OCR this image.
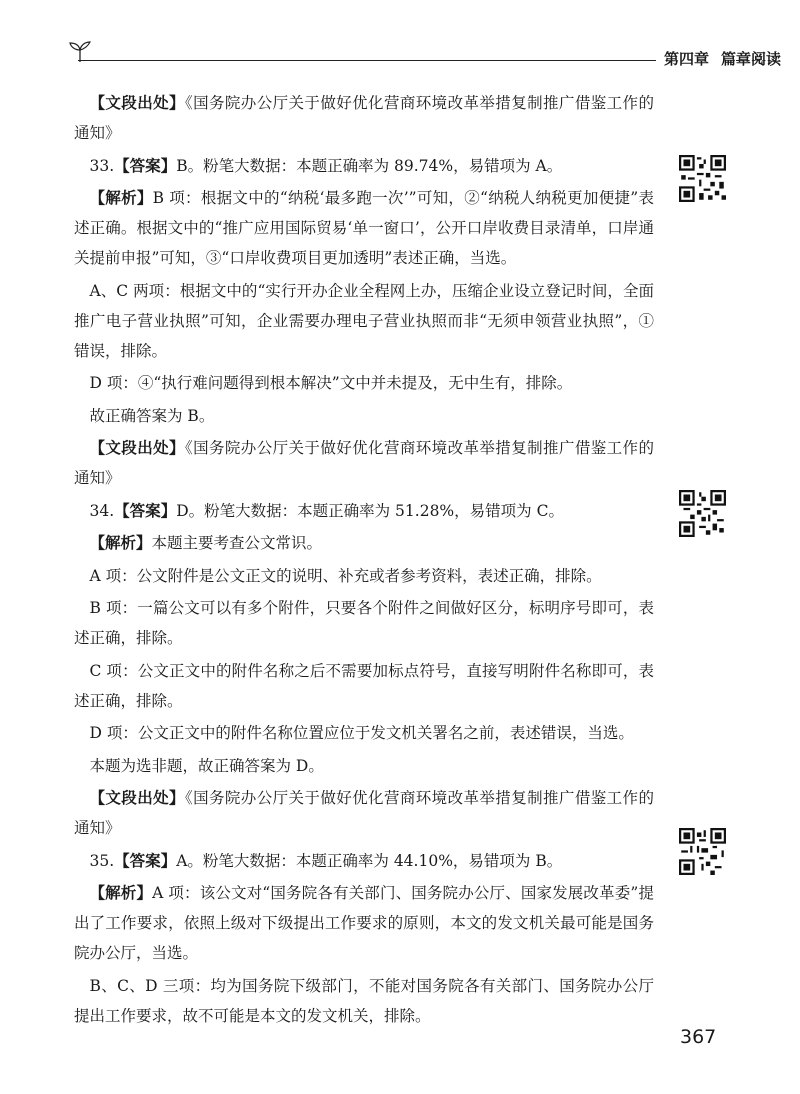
第四章 篇章阅读

【文段出处】《国务院办公厅关于做好优化营商环境改革举措复制推广借鉴工作的通知》

33.【答案】B。粉笔大数据：本题正确率为 89.74%，易错项为 A。

【解析】B 项：根据文中的“纳税‘最多跑一次’”可知，②“纳税人纳税更加便捷”表述正确。根据文中的“推广应用国际贸易‘单一窗口’，公开口岸收费目录清单，口岸通关提前申报”可知，③“口岸收费项目更加透明”表述正确，当选。

A、C 两项：根据文中的“实行开办企业全程网上办，压缩企业设立登记时间，全面推广电子营业执照”可知，企业需要办理电子营业执照而非“无须申领营业执照”，①错误，排除。

D 项：④“执行难问题得到根本解决”文中并未提及，无中生有，排除。

故正确答案为 B。

【文段出处】《国务院办公厅关于做好优化营商环境改革举措复制推广借鉴工作的通知》

34.【答案】D。粉笔大数据：本题正确率为 51.28%，易错项为 C。

【解析】本题主要考查公文常识。

A 项：公文附件是公文正文的说明、补充或者参考资料，表述正确，排除。

B 项：一篇公文可以有多个附件，只要各个附件之间做好区分，标明序号即可，表述正确，排除。

C 项：公文正文中的附件名称之后不需要加标点符号，直接写明附件名称即可，表述正确，排除。

D 项：公文正文中的附件名称位置应位于发文机关署名之前，表述错误，当选。

本题为选非题，故正确答案为 D。

【文段出处】《国务院办公厅关于做好优化营商环境改革举措复制推广借鉴工作的通知》

35.【答案】A。粉笔大数据：本题正确率为 44.10%，易错项为 B。

【解析】A 项：该公文对“国务院各有关部门、国务院办公厅、国家发展改革委”提出了工作要求，依照上级对下级提出工作要求的原则，本文的发文机关最可能是国务院办公厅，当选。

B、C、D 三项：均为国务院下级部门，不能对国务院各有关部门、国务院办公厅提出工作要求，故不可能是本文的发文机关，排除。

367
